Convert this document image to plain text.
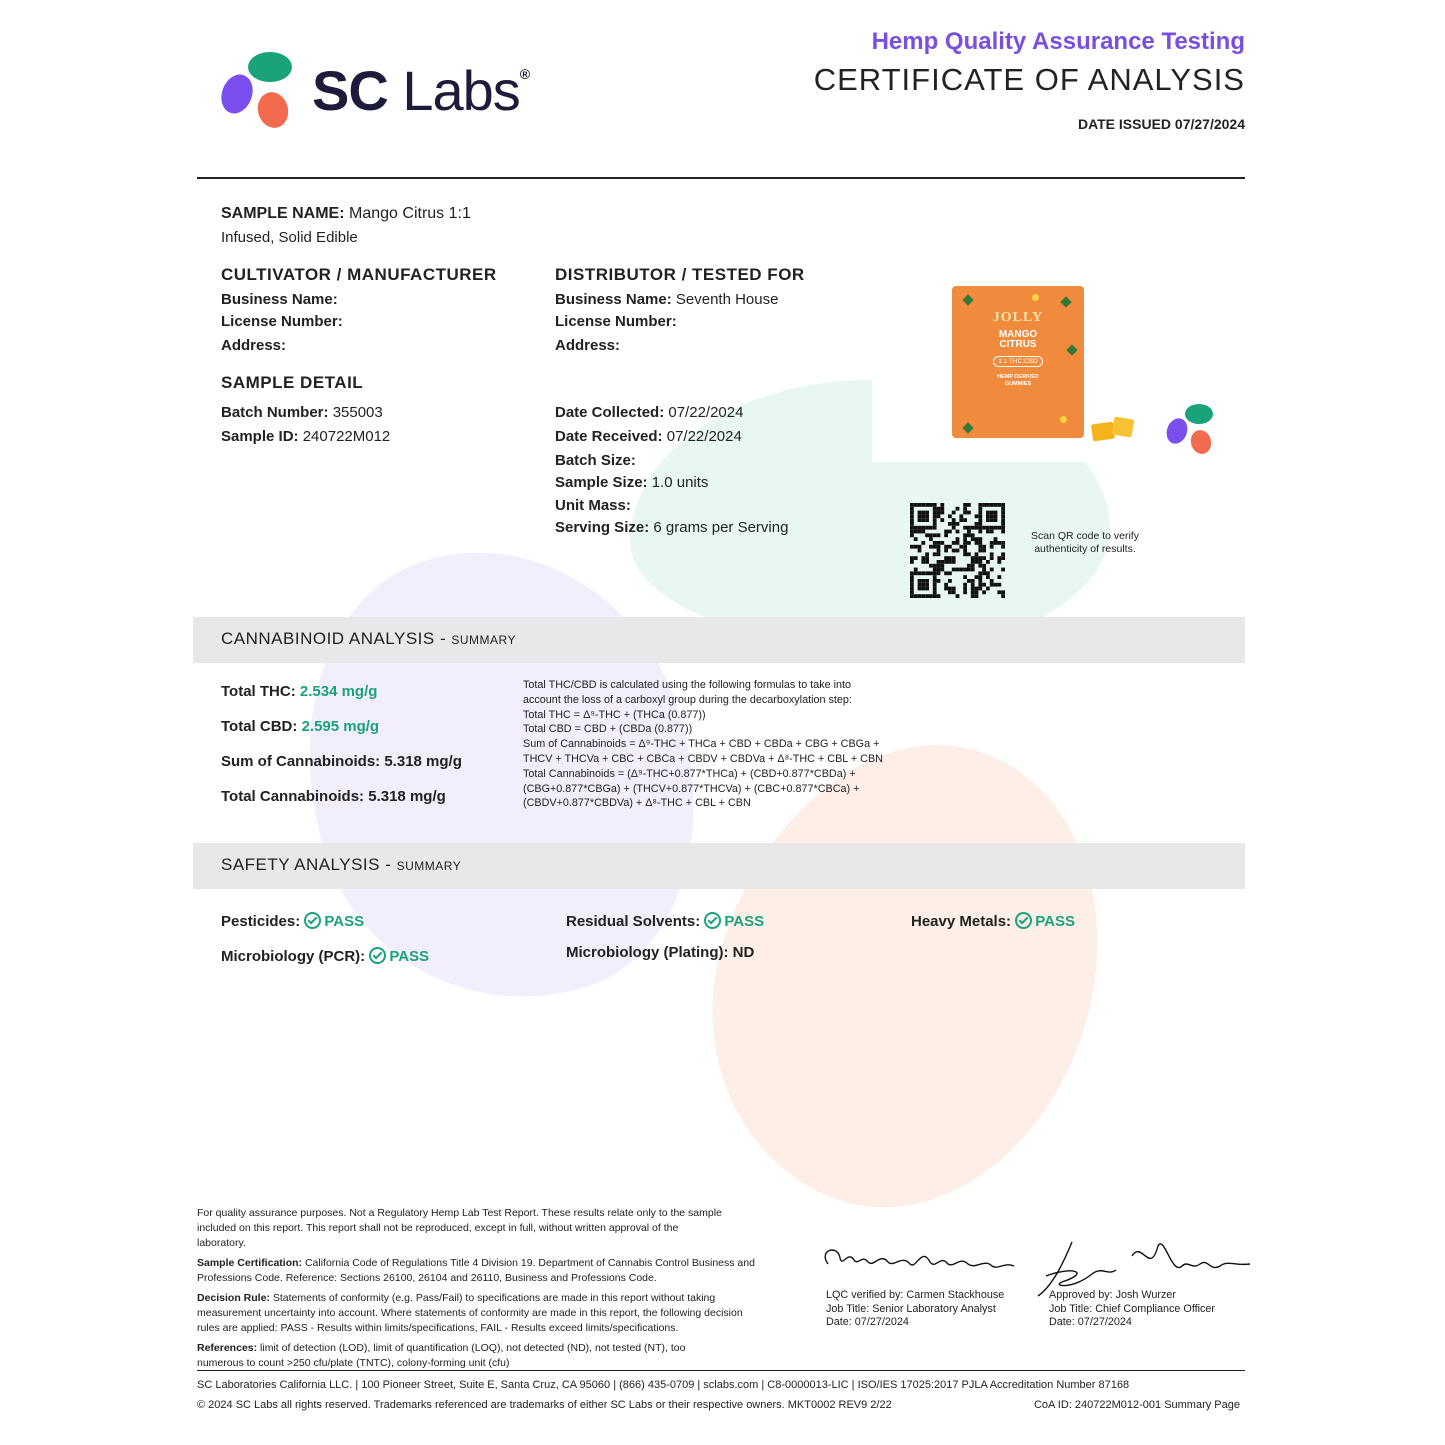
SC Labs®
Hemp Quality Assurance Testing
CERTIFICATE OF ANALYSIS
DATE ISSUED 07/27/2024
SAMPLE NAME: Mango Citrus 1:1
Infused, Solid Edible
CULTIVATOR / MANUFACTURER
Business Name:
License Number:
Address:
DISTRIBUTOR / TESTED FOR
Business Name: Seventh House
License Number:
Address:
SAMPLE DETAIL
Batch Number: 355003
Sample ID: 240722M012
Date Collected: 07/22/2024
Date Received: 07/22/2024
Batch Size:
Sample Size: 1.0 units
Unit Mass:
Serving Size: 6 grams per Serving
JOLLY
MANGO
CITRUS
1:1 THC:CBD
HEMP DERIVED
GUMMIES
Scan QR code to verify
authenticity of results.
CANNABINOID ANALYSIS - SUMMARY
Total THC: 2.534 mg/g
Total CBD: 2.595 mg/g
Sum of Cannabinoids: 5.318 mg/g
Total Cannabinoids: 5.318 mg/g
Total THC/CBD is calculated using the following formulas to take into
account the loss of a carboxyl group during the decarboxylation step:
Total THC = Δ⁹-THC + (THCa (0.877))
Total CBD = CBD + (CBDa (0.877))
Sum of Cannabinoids = Δ⁹-THC + THCa + CBD + CBDa + CBG + CBGa +
THCV + THCVa + CBC + CBCa + CBDV + CBDVa + Δ⁸-THC + CBL + CBN
Total Cannabinoids = (Δ⁹-THC+0.877*THCa) + (CBD+0.877*CBDa) +
(CBG+0.877*CBGa) + (THCV+0.877*THCVa) + (CBC+0.877*CBCa) +
(CBDV+0.877*CBDVa) + Δ⁸-THC + CBL + CBN
SAFETY ANALYSIS - SUMMARY
Pesticides: PASS	Residual Solvents: PASS	Heavy Metals: PASS
Microbiology (PCR): PASS	Microbiology (Plating): ND
For quality assurance purposes. Not a Regulatory Hemp Lab Test Report. These results relate only to the sample included on this report. This report shall not be reproduced, except in full, without written approval of the laboratory.
Sample Certification: California Code of Regulations Title 4 Division 19. Department of Cannabis Control Business and Professions Code. Reference: Sections 26100, 26104 and 26110, Business and Professions Code.
Decision Rule: Statements of conformity (e.g. Pass/Fail) to specifications are made in this report without taking measurement uncertainty into account. Where statements of conformity are made in this report, the following decision rules are applied: PASS - Results within limits/specifications, FAIL - Results exceed limits/specifications.
References: limit of detection (LOD), limit of quantification (LOQ), not detected (ND), not tested (NT), too numerous to count >250 cfu/plate (TNTC), colony-forming unit (cfu)
LQC verified by: Carmen Stackhouse
Job Title: Senior Laboratory Analyst
Date: 07/27/2024
Approved by: Josh Wurzer
Job Title: Chief Compliance Officer
Date: 07/27/2024
SC Laboratories California LLC. | 100 Pioneer Street, Suite E, Santa Cruz, CA 95060 | (866) 435-0709 | sclabs.com | C8-0000013-LIC | ISO/IES 17025:2017 PJLA Accreditation Number 87168
© 2024 SC Labs all rights reserved. Trademarks referenced are trademarks of either SC Labs or their respective owners. MKT0002 REV9 2/22	CoA ID: 240722M012-001 Summary Page
